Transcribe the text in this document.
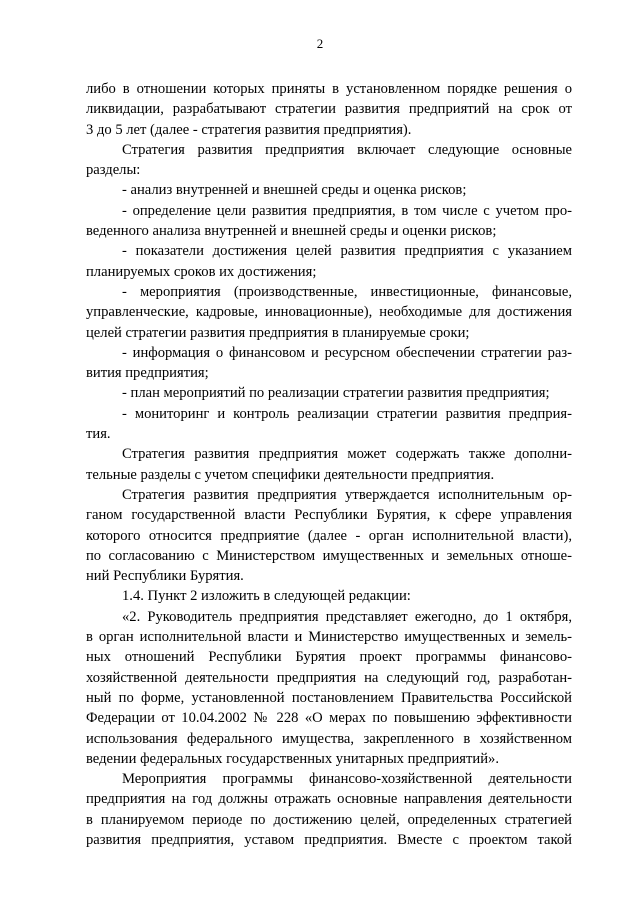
2
либо в отношении которых приняты в установленном порядке решения о
ликвидации, разрабатывают стратегии развития предприятий на срок от
3 до 5 лет (далее - стратегия развития предприятия).
Стратегия развития предприятия включает следующие основные
разделы:
- анализ внутренней и внешней среды и оценка рисков;
- определение цели развития предприятия, в том числе с учетом про-
веденного анализа внутренней и внешней среды и оценки рисков;
- показатели достижения целей развития предприятия с указанием
планируемых сроков их достижения;
- мероприятия (производственные, инвестиционные, финансовые,
управленческие, кадровые, инновационные), необходимые для достижения
целей стратегии развития предприятия в планируемые сроки;
- информация о финансовом и ресурсном обеспечении стратегии раз-
вития предприятия;
- план мероприятий по реализации стратегии развития предприятия;
- мониторинг и контроль реализации стратегии развития предприя-
тия.
Стратегия развития предприятия может содержать также дополни-
тельные разделы с учетом специфики деятельности предприятия.
Стратегия развития предприятия утверждается исполнительным ор-
ганом государственной власти Республики Бурятия, к сфере управления
которого относится предприятие (далее - орган исполнительной власти),
по согласованию с Министерством имущественных и земельных отноше-
ний Республики Бурятия.
1.4. Пункт 2 изложить в следующей редакции:
«2. Руководитель предприятия представляет ежегодно, до 1 октября,
в орган исполнительной власти и Министерство имущественных и земель-
ных отношений Республики Бурятия проект программы финансово-
хозяйственной деятельности предприятия на следующий год, разработан-
ный по форме, установленной постановлением Правительства Российской
Федерации от 10.04.2002 № 228 «О мерах по повышению эффективности
использования федерального имущества, закрепленного в хозяйственном
ведении федеральных государственных унитарных предприятий».
Мероприятия программы финансово-хозяйственной деятельности
предприятия на год должны отражать основные направления деятельности
в планируемом периоде по достижению целей, определенных стратегией
развития предприятия, уставом предприятия. Вместе с проектом такой
